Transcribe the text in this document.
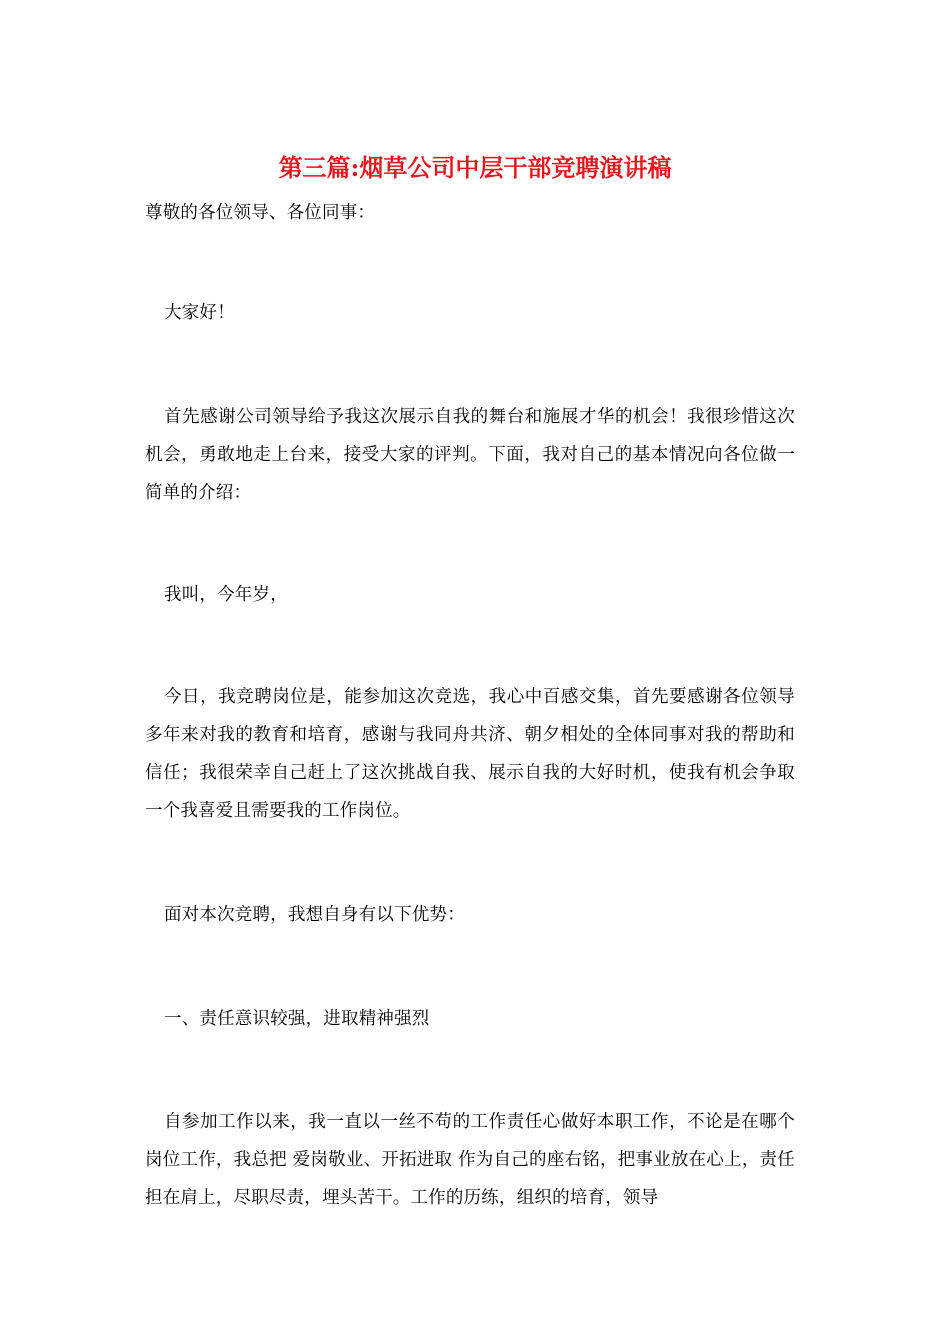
第三篇:烟草公司中层干部竞聘演讲稿

尊敬的各位领导、各位同事：

大家好！

首先感谢公司领导给予我这次展示自我的舞台和施展才华的机会！我很珍惜这次机会，勇敢地走上台来，接受大家的评判。下面，我对自己的基本情况向各位做一简单的介绍：

我叫，今年岁，

今日，我竞聘岗位是，能参加这次竞选，我心中百感交集，首先要感谢各位领导多年来对我的教育和培育，感谢与我同舟共济、朝夕相处的全体同事对我的帮助和信任；我很荣幸自己赶上了这次挑战自我、展示自我的大好时机，使我有机会争取一个我喜爱且需要我的工作岗位。

面对本次竞聘，我想自身有以下优势：

一、责任意识较强，进取精神强烈

自参加工作以来，我一直以一丝不苟的工作责任心做好本职工作，不论是在哪个岗位工作，我总把 爱岗敬业、开拓进取 作为自己的座右铭，把事业放在心上，责任担在肩上，尽职尽责，埋头苦干。工作的历练，组织的培育，领导
